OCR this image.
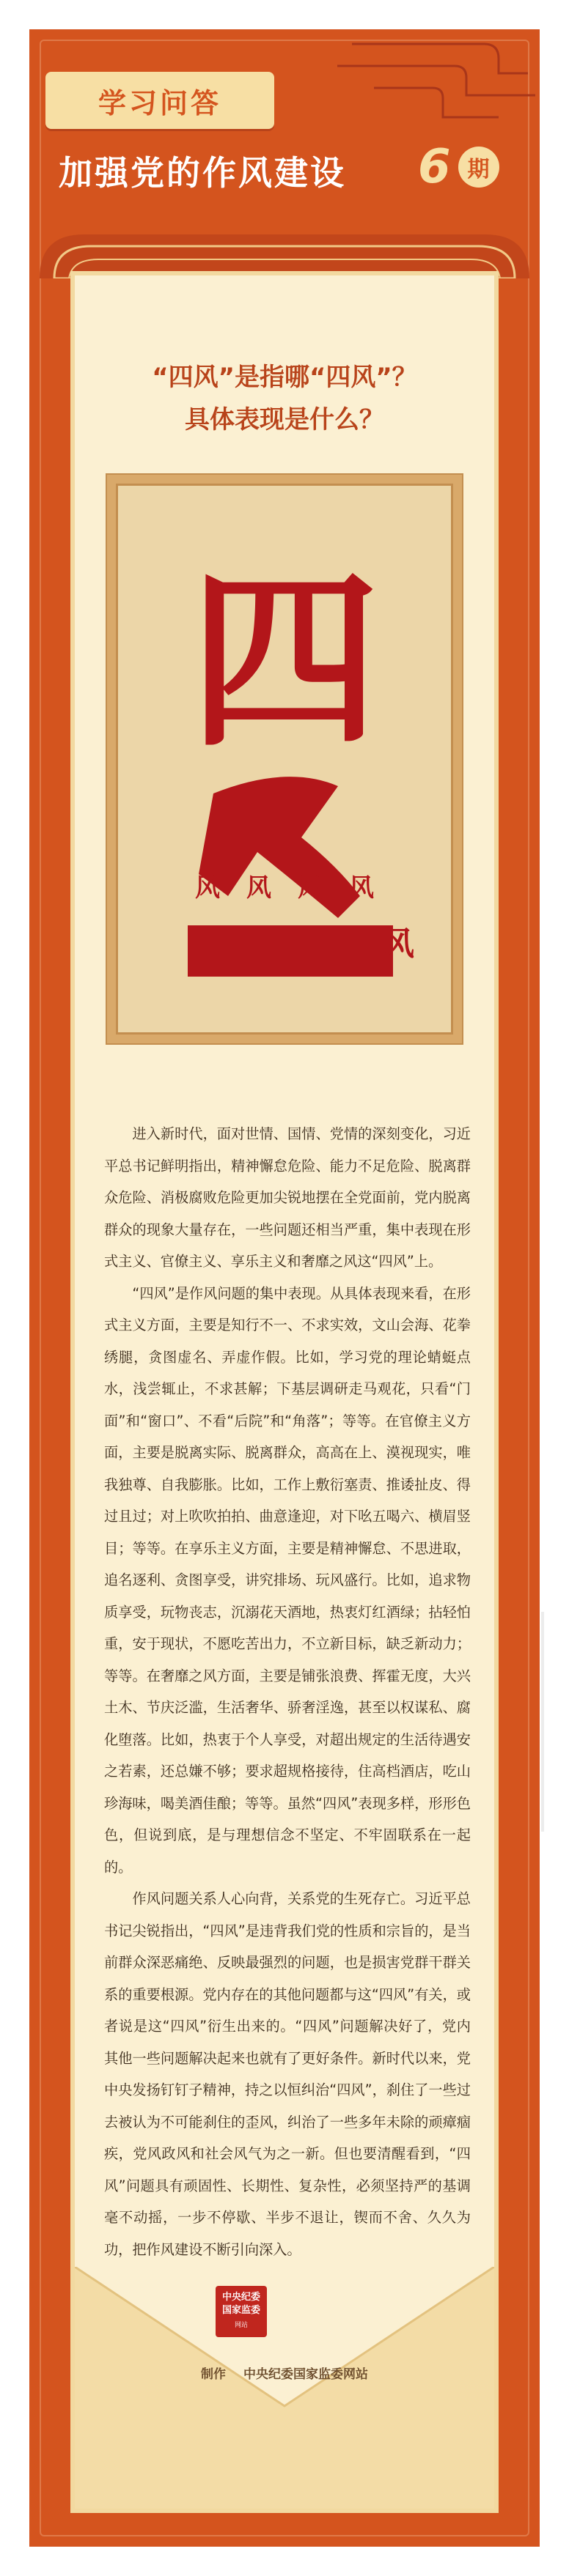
学习问答
加强党的作风建设 6 期
“四风”是指哪“四风”？
具体表现是什么？
四
风 风 风 风
风

进入新时代，面对世情、国情、党情的深刻变化，习近平总书记鲜明指出，精神懈怠危险、能力不足危险、脱离群众危险、消极腐败危险更加尖锐地摆在全党面前，党内脱离群众的现象大量存在，一些问题还相当严重，集中表现在形式主义、官僚主义、享乐主义和奢靡之风这“四风”上。

“四风”是作风问题的集中表现。从具体表现来看，在形式主义方面，主要是知行不一、不求实效，文山会海、花拳绣腿，贪图虚名、弄虚作假。比如，学习党的理论蜻蜓点水，浅尝辄止，不求甚解；下基层调研走马观花，只看“门面”和“窗口”、不看“后院”和“角落”；等等。在官僚主义方面，主要是脱离实际、脱离群众，高高在上、漠视现实，唯我独尊、自我膨胀。比如，工作上敷衍塞责、推诿扯皮、得过且过；对上吹吹拍拍、曲意逢迎，对下吆五喝六、横眉竖目；等等。在享乐主义方面，主要是精神懈怠、不思进取，追名逐利、贪图享受，讲究排场、玩风盛行。比如，追求物质享受，玩物丧志，沉溺花天酒地，热衷灯红酒绿；拈轻怕重，安于现状，不愿吃苦出力，不立新目标，缺乏新动力；等等。在奢靡之风方面，主要是铺张浪费、挥霍无度，大兴土木、节庆泛滥，生活奢华、骄奢淫逸，甚至以权谋私、腐化堕落。比如，热衷于个人享受，对超出规定的生活待遇安之若素，还总嫌不够；要求超规格接待，住高档酒店，吃山珍海味，喝美酒佳酿；等等。虽然“四风”表现多样，形形色色，但说到底，是与理想信念不坚定、不牢固联系在一起的。

作风问题关系人心向背，关系党的生死存亡。习近平总书记尖锐指出，“四风”是违背我们党的性质和宗旨的，是当前群众深恶痛绝、反映最强烈的问题，也是损害党群干群关系的重要根源。党内存在的其他问题都与这“四风”有关，或者说是这“四风”衍生出来的。“四风”问题解决好了，党内其他一些问题解决起来也就有了更好条件。新时代以来，党中央发扬钉钉子精神，持之以恒纠治“四风”，刹住了一些过去被认为不可能刹住的歪风，纠治了一些多年未除的顽瘴痼疾，党风政风和社会风气为之一新。但也要清醒看到，“四风”问题具有顽固性、长期性、复杂性，必须坚持严的基调毫不动摇，一步不停歇、半步不退让，锲而不舍、久久为功，把作风建设不断引向深入。

中央纪委
国家监委
网站
制作 中央纪委国家监委网站
